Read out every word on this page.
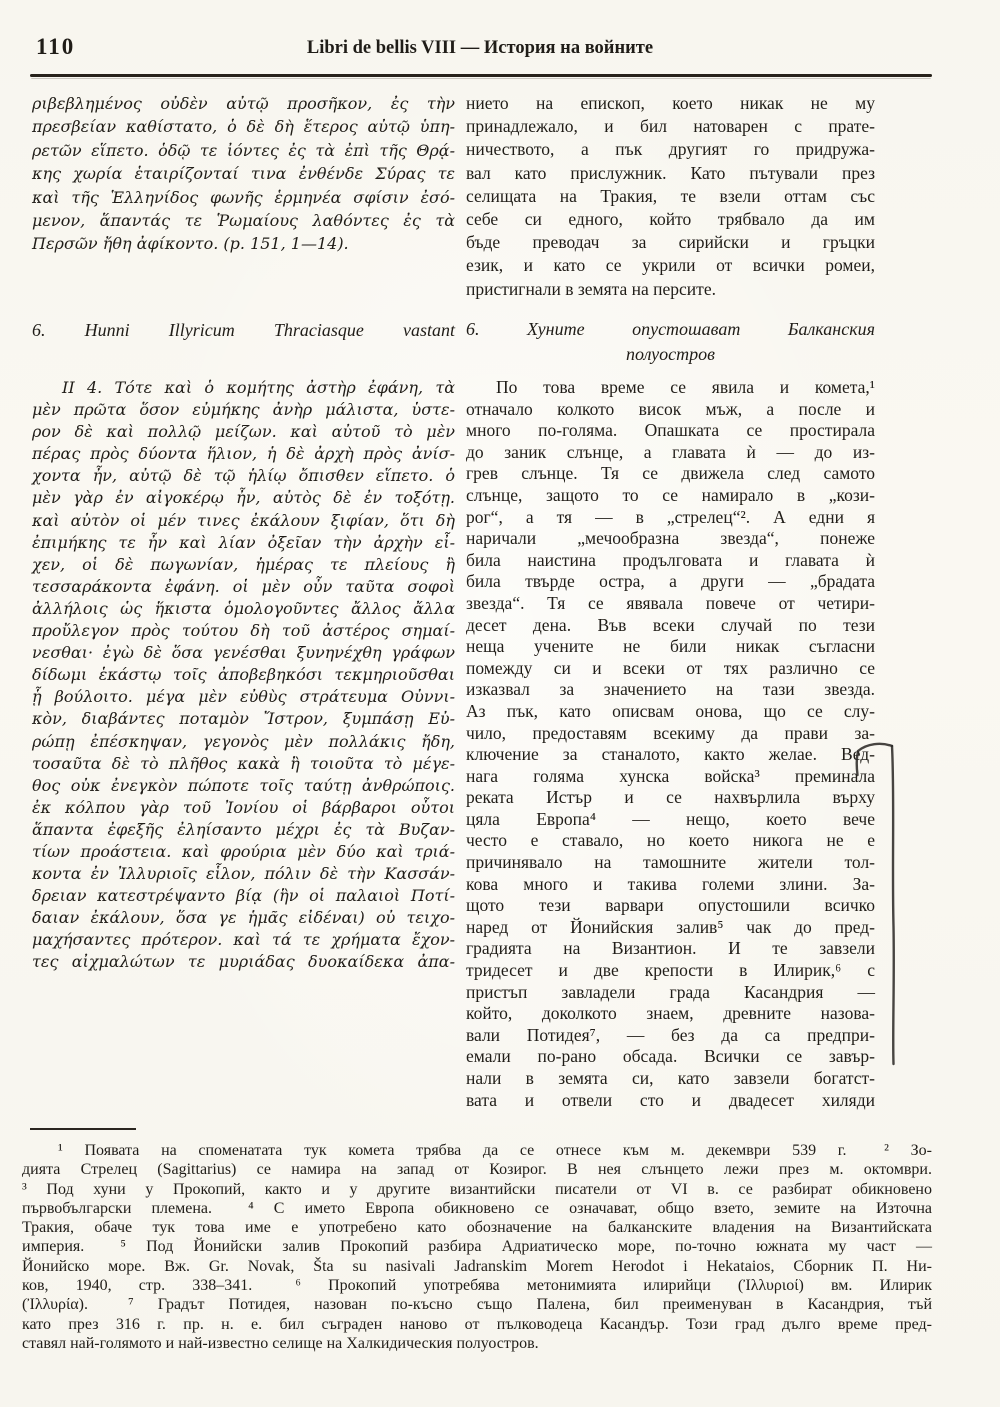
110	Libri de bellis VIII — История на войните
ριβεβλημένος οὐδὲν αὐτῷ προσῆκον, ἐς τὴν
πρεσβείαν καθίστατο, ὁ δὲ δὴ ἕτερος αὐτῷ ὑπη-
ρετῶν εἵπετο. ὁδῷ τε ἰόντες ἐς τὰ ἐπὶ τῆς Θρᾴ-
κης χωρία ἑταιρίζονταί τινα ἐνθένδε Σύρας τε
καὶ τῆς Ἑλληνίδος φωνῆς ἑρμηνέα σφίσιν ἐσό-
μενον, ἅπαντάς τε Ῥωμαίους λαθόντες ἐς τὰ
Περσῶν ἤθη ἀφίκοντο. (p. 151, 1—14).
нието на епископ, което никак не му
принадлежало, и бил натоварен с прате-
ничеството, а пък другият го придружа-
вал като прислужник. Като пътували през
селищата на Тракия, те взели оттам със
себе си едного, който трябвало да им
бъде преводач за сирийски и гръцки
език, и като се укрили от всички ромеи,
пристигнали в земята на персите.
6. Hunni Illyricum Thraciasque vastant 6. Хуните опустошават Балканския
полуостров
II 4. Τότε καὶ ὁ κομήτης ἀστὴρ ἐφάνη, τὰ
μὲν πρῶτα ὅσον εὐμήκης ἀνὴρ μάλιστα, ὑστε-
ρον δὲ καὶ πολλῷ μείζων. καὶ αὐτοῦ τὸ μὲν
πέρας πρὸς δύοντα ἥλιον, ἡ δὲ ἀρχὴ πρὸς ἀνίσ-
χοντα ἦν, αὐτῷ δὲ τῷ ἡλίῳ ὄπισθεν εἵπετο. ὁ
μὲν γὰρ ἐν αἰγοκέρῳ ἦν, αὐτὸς δὲ ἐν τοξότῃ.
καὶ αὐτὸν οἱ μέν τινες ἐκάλουν ξιφίαν, ὅτι δὴ
ἐπιμήκης τε ἦν καὶ λίαν ὀξεῖαν τὴν ἀρχὴν εἶ-
χεν, οἱ δὲ πωγωνίαν, ἡμέρας τε πλείους ἢ
τεσσαράκοντα ἐφάνη. οἱ μὲν οὖν ταῦτα σοφοὶ
ἀλλήλοις ὡς ἥκιστα ὁμολογοῦντες ἄλλος ἄλλα
προὔλεγον πρὸς τούτου δὴ τοῦ ἀστέρος σημαί-
νεσθαι· ἐγὼ δὲ ὅσα γενέσθαι ξυνηνέχθη γράφων
δίδωμι ἑκάστῳ τοῖς ἀποβεβηκόσι τεκμηριοῦσθαι
ᾗ βούλοιτο. μέγα μὲν εὐθὺς στράτευμα Οὐννι-
κὸν, διαβάντες ποταμὸν Ἴστρον, ξυμπάσῃ Εὐ-
ρώπῃ ἐπέσκηψαν, γεγονὸς μὲν πολλάκις ἤδη,
τοσαῦτα δὲ τὸ πλῆθος κακὰ ἢ τοιοῦτα τὸ μέγε-
θος οὐκ ἐνεγκὸν πώποτε τοῖς ταύτῃ ἀνθρώποις.
ἐκ κόλπου γὰρ τοῦ Ἰονίου οἱ βάρβαροι οὗτοι
ἅπαντα ἐφεξῆς ἐληίσαντο μέχρι ἐς τὰ Βυζαν-
τίων προάστεια. καὶ φρούρια μὲν δύο καὶ τριά-
κοντα ἐν Ἰλλυριοῖς εἷλον, πόλιν δὲ τὴν Κασσάν-
δρειαν κατεστρέψαντο βίᾳ (ἣν οἱ παλαιοὶ Ποτί-
δαιαν ἐκάλουν, ὅσα γε ἡμᾶς εἰδέναι) οὐ τειχο-
μαχήσαντες πρότερον. καὶ τά τε χρήματα ἔχον-
τες αἰχμαλώτων τε μυριάδας δυοκαίδεκα ἀπα-
По това време се явила и комета,¹
отначало колкото висок мъж, а после и
много по-голяма. Опашката се простирала
до заник слънце, а главата ѝ — до из-
грев слънце. Тя се движела след самото
слънце, защото то се намирало в „кози-
рог“, а тя — в „стрелец“². А едни я
наричали „мечообразна звезда“, понеже
била наистина продълговата и главата ѝ
била твърде остра, а други — „брадата
звезда“. Тя се явявала повече от четири-
десет дена. Във всеки случай по тези
неща учените не били никак съгласни
помежду си и всеки от тях различно се
изказвал за значението на тази звезда.
Аз пък, като описвам онова, що се слу-
чило, предоставям всекиму да прави за-
ключение за станалото, както желае. Вед-
нага голяма хунска войска³ преминала
реката Истър и се нахвърлила върху
цяла Европа⁴ — нещо, което вече
често е ставало, но което никога не е
причинявало на тамошните жители тол-
кова много и такива големи злини. За-
щото тези варвари опустошили всичко
наред от Йонийския залив⁵ чак до пред-
градията на Византион. И те завзели
тридесет и две крепости в Илирик,⁶ с
пристъп завладели града Касандрия —
който, доколкото знаем, древните назова-
вали Потидея⁷, — без да са предпри-
емали по-рано обсада. Всички се завър-
нали в земята си, като завзели богатст-
вата и отвели сто и двадесет хиляди
¹ Появата на споменатата тук комета трябва да се отнесе към м. декември 539 г.  ² Зо-
дията Стрелец (Sagittarius) се намира на запад от Козирог. В нея слънцето лежи през м. октомври.
³ Под хуни у Прокопий, както и у другите византийски писатели от VI в. се разбират обикновено
първобългарски племена.  ⁴ С името Европа обикновено се означават, общо взето, земите на Източна
Тракия, обаче тук това име е употребено като обозначение на балканските владения на Византийската
империя.  ⁵ Под Йонийски залив Прокопий разбира Адриатическо море, по-точно южната му част —
Йонийско море. Вж. Gr. Novak, Šta su nasivali Jadranskim Morem Herodot i Hekataios, Сборник П. Ни-
ков, 1940, стр. 338–341.  ⁶ Прокопий употребява метонимията илирийци (Ἰλλυριοί) вм. Илирик
(Ἰλλυρία).  ⁷ Градът Потидея, назован по-късно също Палена, бил преименуван в Касандрия, тъй
като през 316 г. пр. н. е. бил съграден наново от пълководеца Касандър. Този град дълго време пред-
ставял най-голямото и най-известно селище на Халкидическия полуостров.
